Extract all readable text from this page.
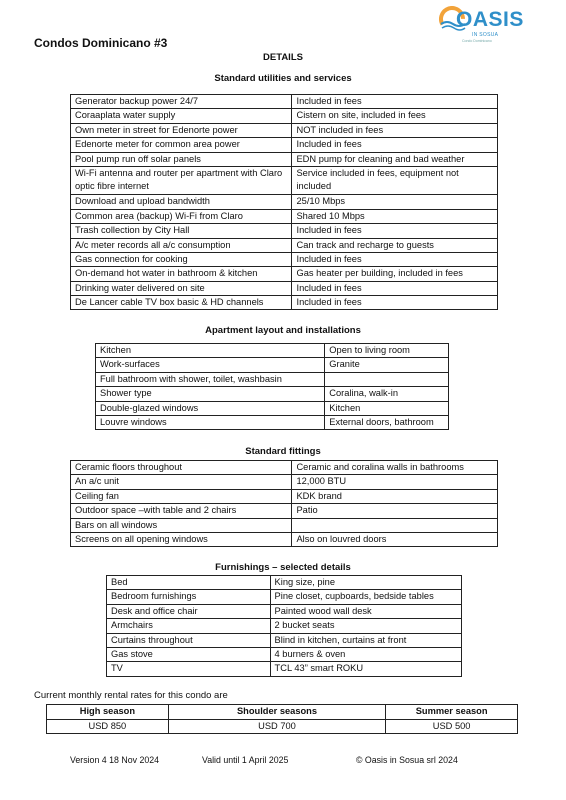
Condos Dominicano #3
OASIS
IN SOSUA
Condo Dominicano
DETAILS
Standard utilities and services
Generator backup power 24/7	Included in fees
Coraaplata water supply	Cistern on site, included in fees
Own meter in street for Edenorte power	NOT included in fees
Edenorte meter for common area power	Included in fees
Pool pump run off solar panels	EDN pump for cleaning and bad weather
Wi-Fi antenna and router per apartment with Claro optic fibre internet	Service included in fees, equipment not included
Download and upload bandwidth	25/10 Mbps
Common area (backup) Wi-Fi from Claro	Shared 10 Mbps
Trash collection by City Hall	Included in fees
A/c meter records all a/c consumption	Can track and recharge to guests
Gas connection for cooking	Included in fees
On-demand hot water in bathroom & kitchen	Gas heater per building, included in fees
Drinking water delivered on site	Included in fees
De Lancer cable TV box basic & HD channels	Included in fees
Apartment layout and installations
Kitchen	Open to living room
Work-surfaces	Granite
Full bathroom with shower, toilet, washbasin	
Shower type	Coralina, walk-in
Double-glazed windows	Kitchen
Louvre windows	External doors, bathroom
Standard fittings
Ceramic floors throughout	Ceramic and coralina walls in bathrooms
An a/c unit	12,000 BTU
Ceiling fan	KDK brand
Outdoor space –with table and 2 chairs	Patio
Bars on all windows	
Screens on all opening windows	Also on louvred doors
Furnishings – selected details
Bed	King size, pine
Bedroom furnishings	Pine closet, cupboards, bedside tables
Desk and office chair	Painted wood wall desk
Armchairs	2 bucket seats
Curtains throughout	Blind in kitchen, curtains at front
Gas stove	4 burners & oven
TV	TCL 43” smart ROKU
Current monthly rental rates for this condo are
High season	Shoulder seasons	Summer season
USD 850	USD 700	USD 500
Version 4 18 Nov 2024	Valid until 1 April 2025	© Oasis in Sosua srl 2024
